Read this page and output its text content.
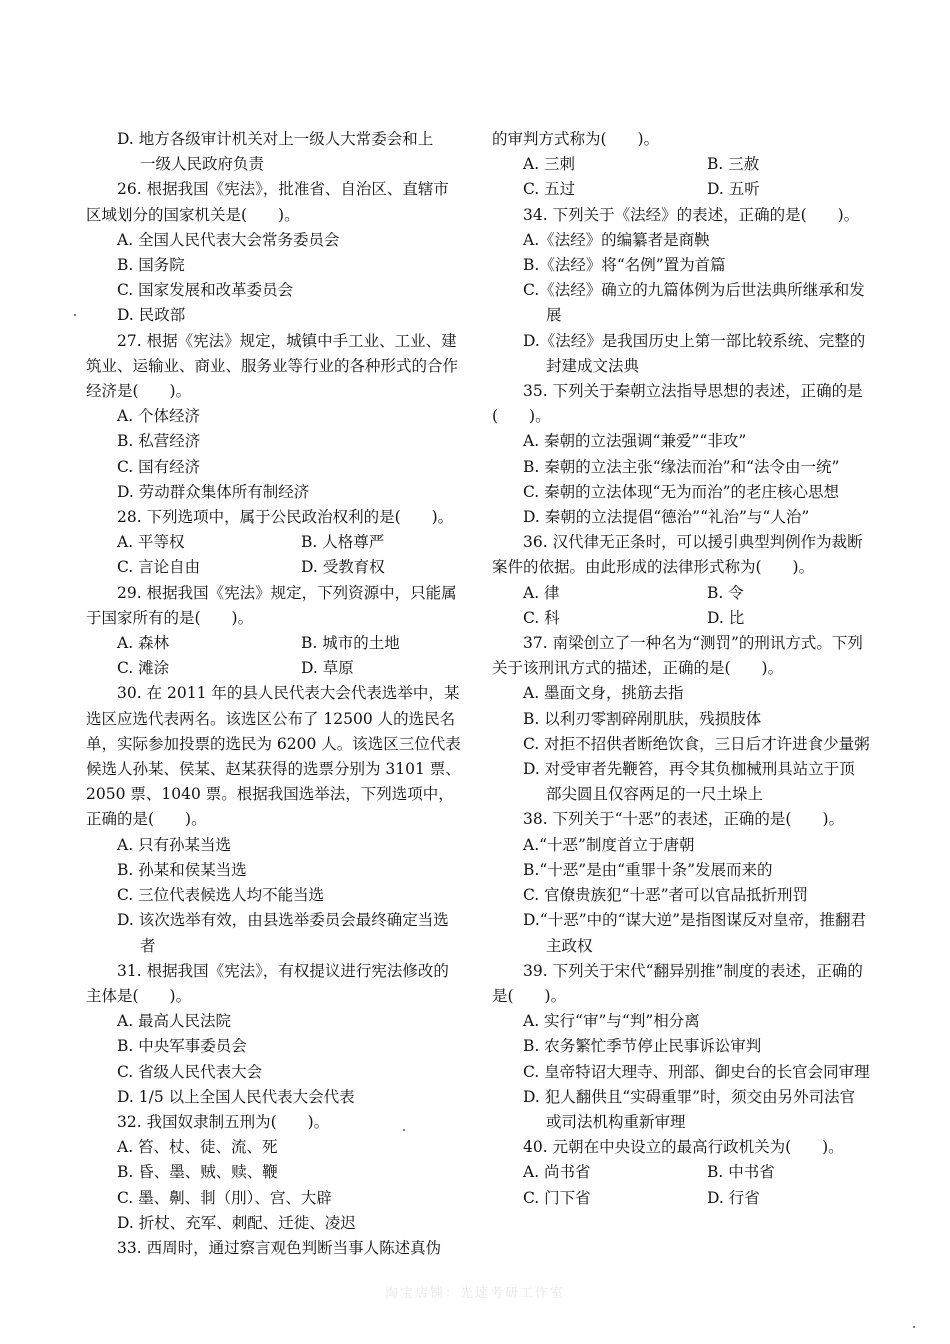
D. 地方各级审计机关对上一级人大常委会和上
一级人民政府负责

26. 根据我国《宪法》，批准省、自治区、直辖市区域划分的国家机关是(　　)。

A. 全国人民代表大会常务委员会

B. 国务院

C. 国家发展和改革委员会

D. 民政部

27. 根据《宪法》规定，城镇中手工业、工业、建筑业、运输业、商业、服务业等行业的各种形式的合作经济是(　　)。

A. 个体经济

B. 私营经济

C. 国有经济

D. 劳动群众集体所有制经济

28. 下列选项中，属于公民政治权利的是(　　)。

A. 平等权	B. 人格尊严
C. 言论自由	D. 受教育权

29. 根据我国《宪法》规定，下列资源中，只能属于国家所有的是(　　)。

A. 森林	B. 城市的土地
C. 滩涂	D. 草原

30. 在 2011 年的县人民代表大会代表选举中，某选区应选代表两名。该选区公布了 12500 人的选民名单，实际参加投票的选民为 6200 人。该选区三位代表候选人孙某、侯某、赵某获得的选票分别为 3101 票、2050 票、1040 票。根据我国选举法，下列选项中，正确的是(　　)。

A. 只有孙某当选

B. 孙某和侯某当选

C. 三位代表候选人均不能当选

D. 该次选举有效，由县选举委员会最终确定当选者

31. 根据我国《宪法》，有权提议进行宪法修改的主体是(　　)。

A. 最高人民法院

B. 中央军事委员会

C. 省级人民代表大会

D. 1/5 以上全国人民代表大会代表

32. 我国奴隶制五刑为(　　)。

A. 笞、杖、徒、流、死

B. 昏、墨、贼、赎、鞭

C. 墨、劓、剕（刖）、宫、大辟

D. 折杖、充军、刺配、迁徙、凌迟

33. 西周时，通过察言观色判断当事人陈述真伪

的审判方式称为(　　)。

A. 三刺	B. 三赦
C. 五过	D. 五听

34. 下列关于《法经》的表述，正确的是(　　)。

A.《法经》的编纂者是商鞅

B.《法经》将“名例”置为首篇

C.《法经》确立的九篇体例为后世法典所继承和发展

D.《法经》是我国历史上第一部比较系统、完整的封建成文法典

35. 下列关于秦朝立法指导思想的表述，正确的是(　　)。

A. 秦朝的立法强调“兼爱”“非攻”

B. 秦朝的立法主张“缘法而治”和“法令由一统”

C. 秦朝的立法体现“无为而治”的老庄核心思想

D. 秦朝的立法提倡“德治”“礼治”与“人治”

36. 汉代律无正条时，可以援引典型判例作为裁断案件的依据。由此形成的法律形式称为(　　)。

A. 律	B. 令
C. 科	D. 比

37. 南梁创立了一种名为“测罚”的刑讯方式。下列关于该刑讯方式的描述，正确的是(　　)。

A. 墨面文身，挑筋去指

B. 以利刃零割碎剐肌肤，残损肢体

C. 对拒不招供者断绝饮食，三日后才许进食少量粥

D. 对受审者先鞭笞，再令其负枷械刑具站立于顶部尖圆且仅容两足的一尺土垛上

38. 下列关于“十恶”的表述，正确的是(　　)。

A.“十恶”制度首立于唐朝

B.“十恶”是由“重罪十条”发展而来的

C. 官僚贵族犯“十恶”者可以官品抵折刑罚

D.“十恶”中的“谋大逆”是指图谋反对皇帝，推翻君主政权

39. 下列关于宋代“翻异别推”制度的表述，正确的是(　　)。

A. 实行“审”与“判”相分离

B. 农务繁忙季节停止民事诉讼审判

C. 皇帝特诏大理寺、刑部、御史台的长官会同审理

D. 犯人翻供且“实碍重罪”时，须交由另外司法官或司法机构重新审理

40. 元朝在中央设立的最高行政机关为(　　)。

A. 尚书省	B. 中书省
C. 门下省	D. 行省
淘宝店铺：光速考研工作室
